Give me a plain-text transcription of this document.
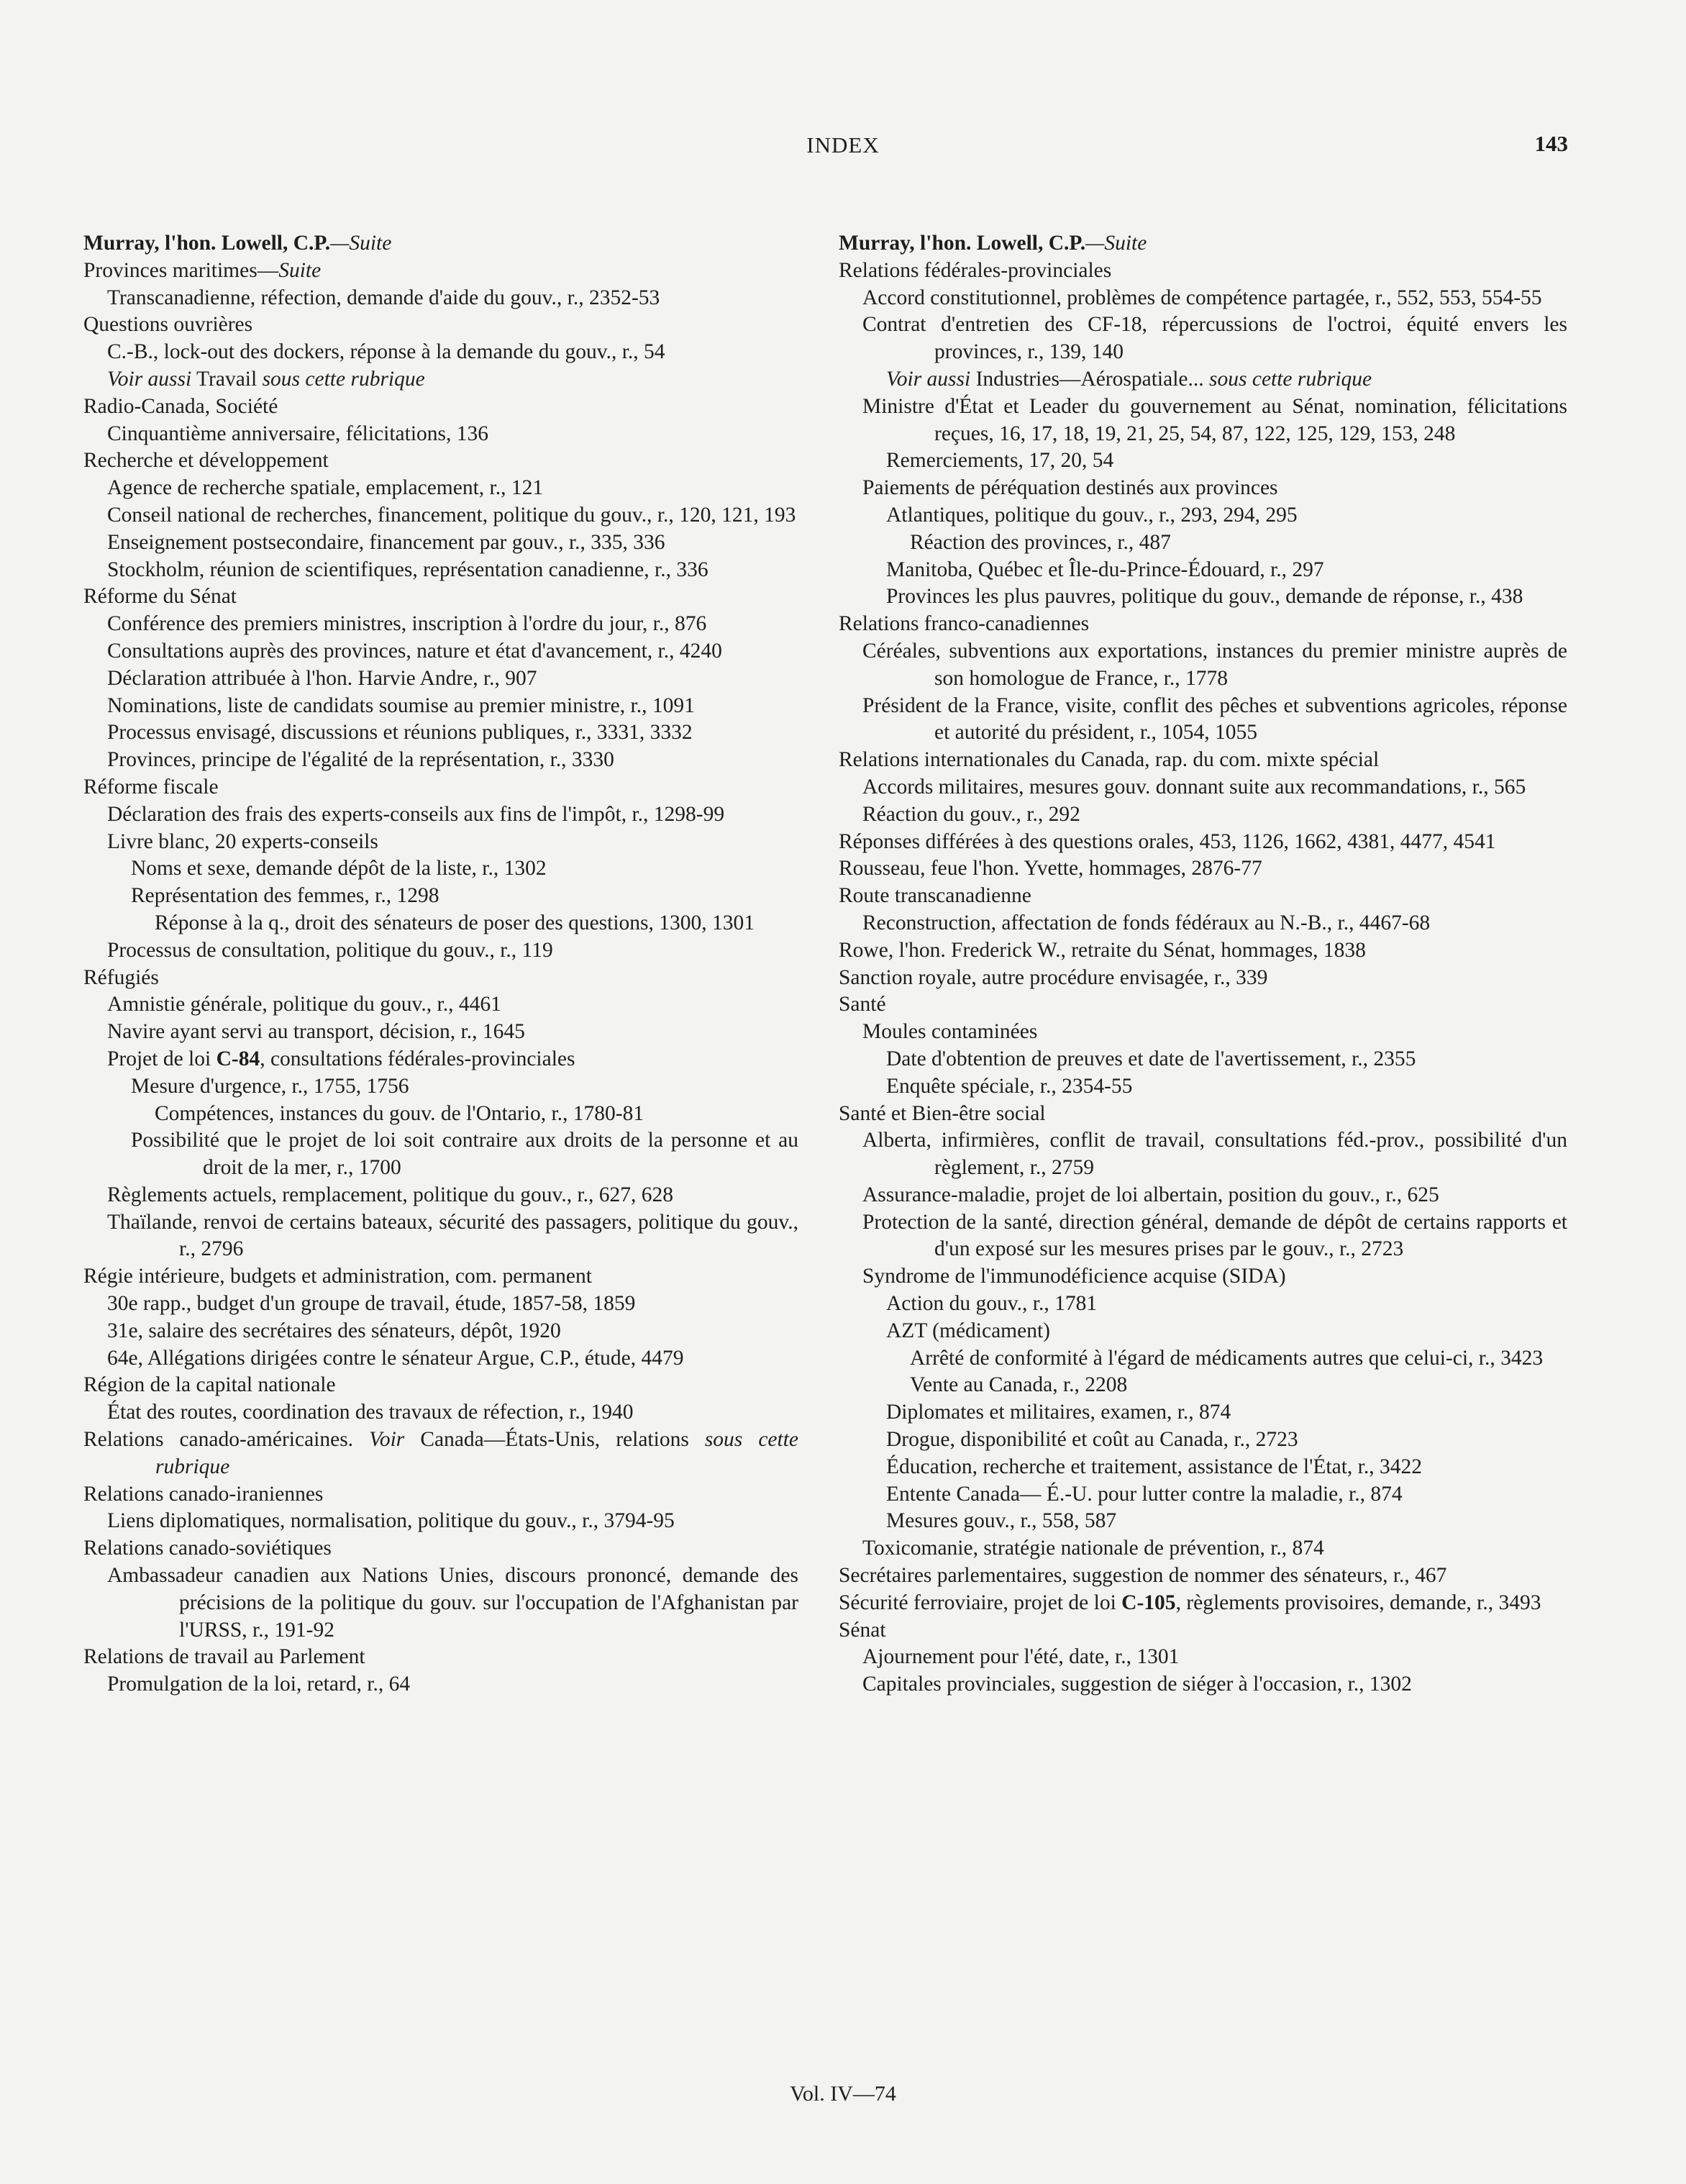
INDEX	143
Murray, l'hon. Lowell, C.P.—Suite
Provinces maritimes—Suite
Transcanadienne, réfection, demande d'aide du gouv., r., 2352-53
Questions ouvrières
C.-B., lock-out des dockers, réponse à la demande du gouv., r., 54
Voir aussi Travail sous cette rubrique
Radio-Canada, Société
Cinquantième anniversaire, félicitations, 136
Recherche et développement
Agence de recherche spatiale, emplacement, r., 121
Conseil national de recherches, financement, politique du gouv., r., 120, 121, 193
Enseignement postsecondaire, financement par gouv., r., 335, 336
Stockholm, réunion de scientifiques, représentation canadienne, r., 336
Réforme du Sénat
Conférence des premiers ministres, inscription à l'ordre du jour, r., 876
Consultations auprès des provinces, nature et état d'avancement, r., 4240
Déclaration attribuée à l'hon. Harvie Andre, r., 907
Nominations, liste de candidats soumise au premier ministre, r., 1091
Processus envisagé, discussions et réunions publiques, r., 3331, 3332
Provinces, principe de l'égalité de la représentation, r., 3330
Réforme fiscale
Déclaration des frais des experts-conseils aux fins de l'impôt, r., 1298-99
Livre blanc, 20 experts-conseils
Noms et sexe, demande dépôt de la liste, r., 1302
Représentation des femmes, r., 1298
Réponse à la q., droit des sénateurs de poser des questions, 1300, 1301
Processus de consultation, politique du gouv., r., 119
Réfugiés
Amnistie générale, politique du gouv., r., 4461
Navire ayant servi au transport, décision, r., 1645
Projet de loi C-84, consultations fédérales-provinciales
Mesure d'urgence, r., 1755, 1756
Compétences, instances du gouv. de l'Ontario, r., 1780-81
Possibilité que le projet de loi soit contraire aux droits de la personne et au droit de la mer, r., 1700
Règlements actuels, remplacement, politique du gouv., r., 627, 628
Thaïlande, renvoi de certains bateaux, sécurité des passagers, politique du gouv., r., 2796
Régie intérieure, budgets et administration, com. permanent
30e rapp., budget d'un groupe de travail, étude, 1857-58, 1859
31e, salaire des secrétaires des sénateurs, dépôt, 1920
64e, Allégations dirigées contre le sénateur Argue, C.P., étude, 4479
Région de la capital nationale
État des routes, coordination des travaux de réfection, r., 1940
Relations canado-américaines. Voir Canada—États-Unis, relations sous cette rubrique
Relations canado-iraniennes
Liens diplomatiques, normalisation, politique du gouv., r., 3794-95
Relations canado-soviétiques
Ambassadeur canadien aux Nations Unies, discours prononcé, demande des précisions de la politique du gouv. sur l'occupation de l'Afghanistan par l'URSS, r., 191-92
Relations de travail au Parlement
Promulgation de la loi, retard, r., 64
Murray, l'hon. Lowell, C.P.—Suite
Relations fédérales-provinciales
Accord constitutionnel, problèmes de compétence partagée, r., 552, 553, 554-55
Contrat d'entretien des CF-18, répercussions de l'octroi, équité envers les provinces, r., 139, 140
Voir aussi Industries—Aérospatiale... sous cette rubrique
Ministre d'État et Leader du gouvernement au Sénat, nomination, félicitations reçues, 16, 17, 18, 19, 21, 25, 54, 87, 122, 125, 129, 153, 248
Remerciements, 17, 20, 54
Paiements de péréquation destinés aux provinces
Atlantiques, politique du gouv., r., 293, 294, 295
Réaction des provinces, r., 487
Manitoba, Québec et Île-du-Prince-Édouard, r., 297
Provinces les plus pauvres, politique du gouv., demande de réponse, r., 438
Relations franco-canadiennes
Céréales, subventions aux exportations, instances du premier ministre auprès de son homologue de France, r., 1778
Président de la France, visite, conflit des pêches et subventions agricoles, réponse et autorité du président, r., 1054, 1055
Relations internationales du Canada, rap. du com. mixte spécial
Accords militaires, mesures gouv. donnant suite aux recommandations, r., 565
Réaction du gouv., r., 292
Réponses différées à des questions orales, 453, 1126, 1662, 4381, 4477, 4541
Rousseau, feue l'hon. Yvette, hommages, 2876-77
Route transcanadienne
Reconstruction, affectation de fonds fédéraux au N.-B., r., 4467-68
Rowe, l'hon. Frederick W., retraite du Sénat, hommages, 1838
Sanction royale, autre procédure envisagée, r., 339
Santé
Moules contaminées
Date d'obtention de preuves et date de l'avertissement, r., 2355
Enquête spéciale, r., 2354-55
Santé et Bien-être social
Alberta, infirmières, conflit de travail, consultations féd.-prov., possibilité d'un règlement, r., 2759
Assurance-maladie, projet de loi albertain, position du gouv., r., 625
Protection de la santé, direction général, demande de dépôt de certains rapports et d'un exposé sur les mesures prises par le gouv., r., 2723
Syndrome de l'immunodéficience acquise (SIDA)
Action du gouv., r., 1781
AZT (médicament)
Arrêté de conformité à l'égard de médicaments autres que celui-ci, r., 3423
Vente au Canada, r., 2208
Diplomates et militaires, examen, r., 874
Drogue, disponibilité et coût au Canada, r., 2723
Éducation, recherche et traitement, assistance de l'État, r., 3422
Entente Canada— É.-U. pour lutter contre la maladie, r., 874
Mesures gouv., r., 558, 587
Toxicomanie, stratégie nationale de prévention, r., 874
Secrétaires parlementaires, suggestion de nommer des sénateurs, r., 467
Sécurité ferroviaire, projet de loi C-105, règlements provisoires, demande, r., 3493
Sénat
Ajournement pour l'été, date, r., 1301
Capitales provinciales, suggestion de siéger à l'occasion, r., 1302
Vol. IV—74
